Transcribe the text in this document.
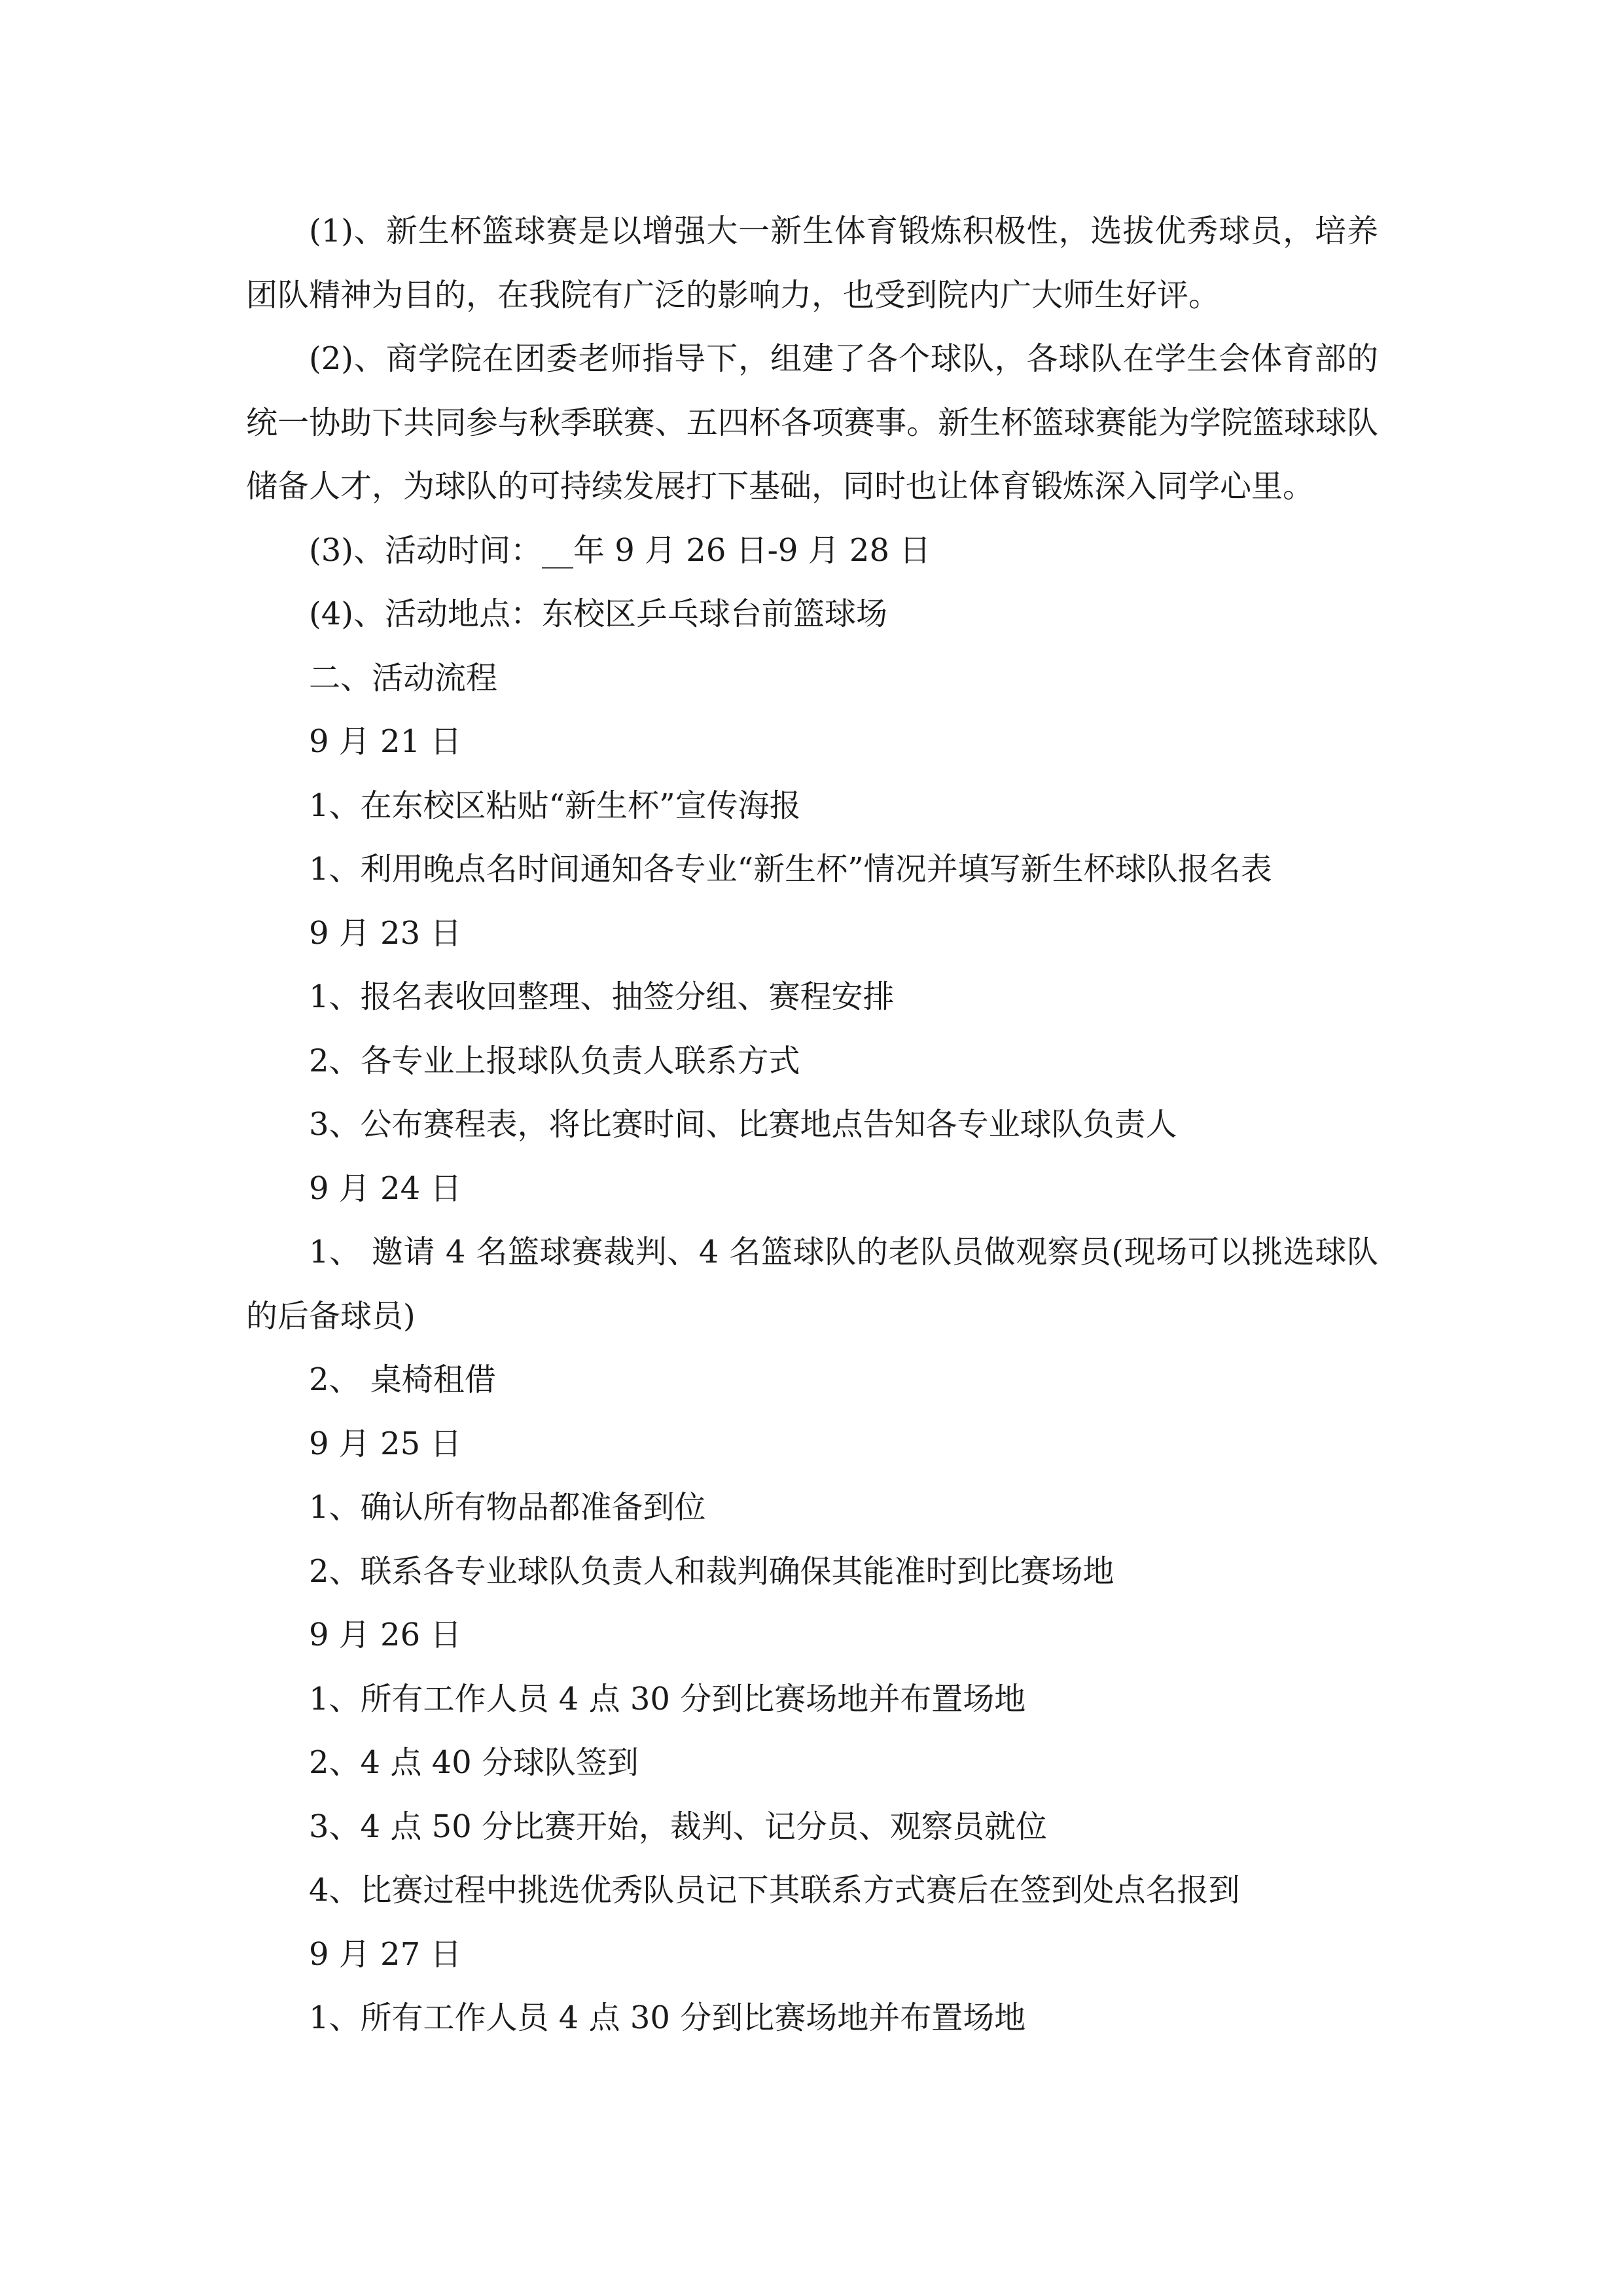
(1)、新生杯篮球赛是以增强大一新生体育锻炼积极性，选拔优秀球员，培养团队精神为目的，在我院有广泛的影响力，也受到院内广大师生好评。

(2)、商学院在团委老师指导下，组建了各个球队，各球队在学生会体育部的统一协助下共同参与秋季联赛、五四杯各项赛事。新生杯篮球赛能为学院篮球球队储备人才，为球队的可持续发展打下基础，同时也让体育锻炼深入同学心里。

(3)、活动时间：__年 9 月 26 日-9 月 28 日

(4)、活动地点：东校区乒乓球台前篮球场

二、活动流程

9 月 21 日

1、在东校区粘贴“新生杯”宣传海报

1、利用晚点名时间通知各专业“新生杯”情况并填写新生杯球队报名表

9 月 23 日

1、报名表收回整理、抽签分组、赛程安排

2、各专业上报球队负责人联系方式

3、公布赛程表，将比赛时间、比赛地点告知各专业球队负责人

9 月 24 日

1、 邀请 4 名篮球赛裁判、4 名篮球队的老队员做观察员(现场可以挑选球队的后备球员)

2、 桌椅租借

9 月 25 日

1、确认所有物品都准备到位

2、联系各专业球队负责人和裁判确保其能准时到比赛场地

9 月 26 日

1、所有工作人员 4 点 30 分到比赛场地并布置场地

2、4 点 40 分球队签到

3、4 点 50 分比赛开始，裁判、记分员、观察员就位

4、比赛过程中挑选优秀队员记下其联系方式赛后在签到处点名报到

9 月 27 日

1、所有工作人员 4 点 30 分到比赛场地并布置场地
